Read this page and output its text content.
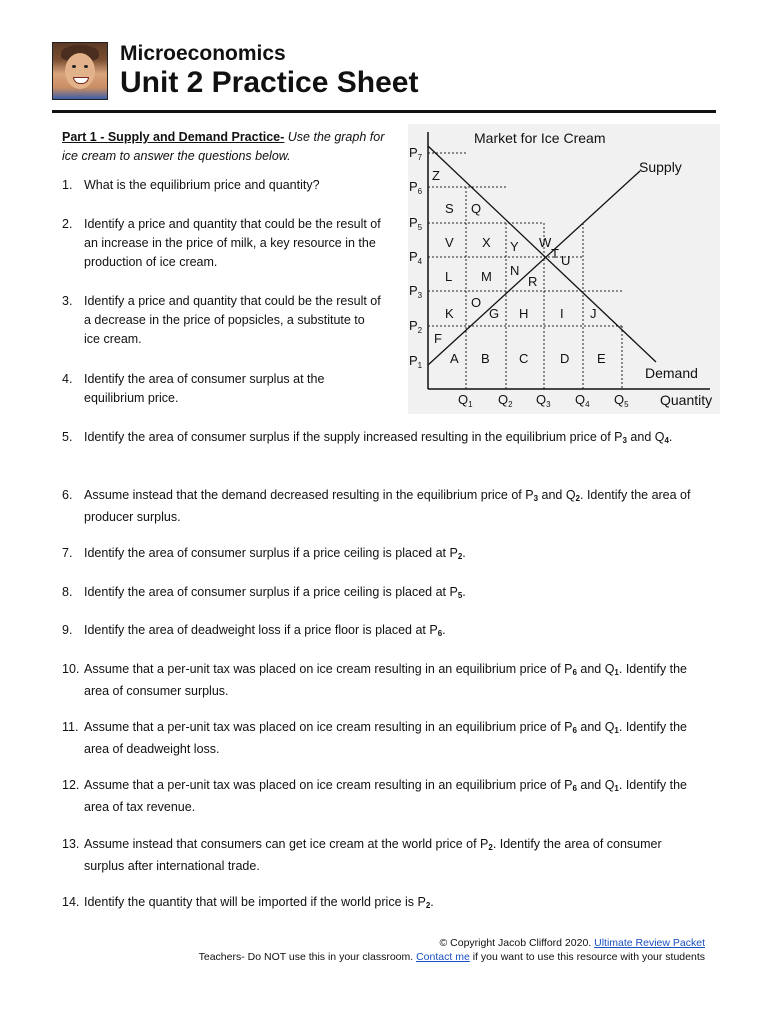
Microeconomics
Unit 2 Practice Sheet
Part 1 - Supply and Demand Practice- Use the graph for ice cream to answer the questions below.
1. What is the equilibrium price and quantity?
2. Identify a price and quantity that could be the result of an increase in the price of milk, a key resource in the production of ice cream.
3. Identify a price and quantity that could be the result of a decrease in the price of popsicles, a substitute to ice cream.
4. Identify the area of consumer surplus at the equilibrium price.
5. Identify the area of consumer surplus if the supply increased resulting in the equilibrium price of $P_3$ and $Q_4$.
6. Assume instead that the demand decreased resulting in the equilibrium price of $P_3$ and $Q_2$. Identify the area of producer surplus.
7. Identify the area of consumer surplus if a price ceiling is placed at $P_2$.
8. Identify the area of consumer surplus if a price ceiling is placed at $P_5$.
9. Identify the area of deadweight loss if a price floor is placed at $P_6$.
10. Assume that a per-unit tax was placed on ice cream resulting in an equilibrium price of $P_6$ and $Q_1$. Identify the area of consumer surplus.
11. Assume that a per-unit tax was placed on ice cream resulting in an equilibrium price of $P_6$ and $Q_1$. Identify the area of deadweight loss.
12. Assume that a per-unit tax was placed on ice cream resulting in an equilibrium price of $P_6$ and $Q_1$. Identify the area of tax revenue.
13. Assume instead that consumers can get ice cream at the world price of $P_2$. Identify the area of consumer surplus after international trade.
14. Identify the quantity that will be imported if the world price is $P_2$.
Market for Ice Cream
Supply
Demand
Quantity
$P_1$
$P_2$
$P_3$
$P_4$
$P_5$
$P_6$
$P_7$
$Q_1$ $Q_2$ $Q_3$ $Q_4$ $Q_5$
A B C D E
F
G H I J
K
L M N
O
Q
R
S
T U
V	W
X Y
Z
© Copyright Jacob Clifford 2020. Ultimate Review Packet
Teachers- Do NOT use this in your classroom. Contact me if you want to use this resource with your students
